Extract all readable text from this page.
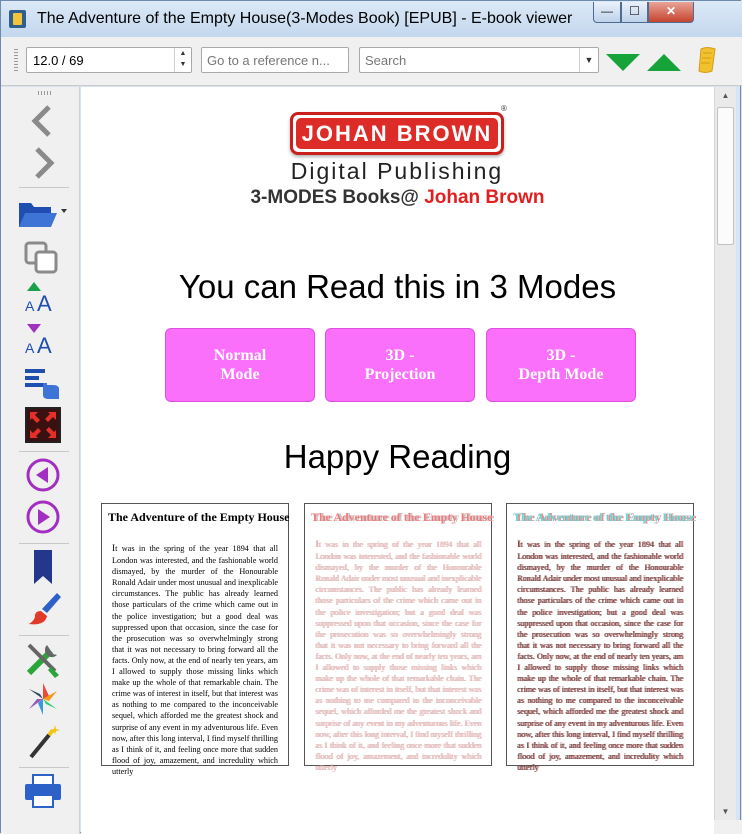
The Adventure of the Empty House(3-Modes Book) [EPUB] - E-book viewer	—	☐	✕
12.0 / 69	▲
▼
Go to a reference n...
Search	▼
A A
A A
JOHAN BROWN
®
Digital Publishing
3-MODES Books@ Johan Brown
You can Read this in 3 Modes
Normal
Mode
3D -
Projection
3D -
Depth Mode
Happy Reading
The Adventure of the Empty House

It was in the spring of the year 1894 that all London was interested, and the fashionable world dismayed, by the murder of the Honourable Ronald Adair under most unusual and inexplicable circumstances. The public has already learned those particulars of the crime which came out in the police investigation; but a good deal was suppressed upon that occasion, since the case for the prosecution was so overwhelmingly strong that it was not necessary to bring forward all the facts. Only now, at the end of nearly ten years, am I allowed to supply those missing links which make up the whole of that remarkable chain. The crime was of interest in itself, but that interest was as nothing to me compared to the inconceivable sequel, which afforded me the greatest shock and surprise of any event in my adventurous life. Even now, after this long interval, I find myself thrilling as I think of it, and feeling once more that sudden flood of joy, amazement, and incredulity which utterly

The Adventure of the Empty House

It was in the spring of the year 1894 that all London was interested, and the fashionable world dismayed, by the murder of the Honourable Ronald Adair under most unusual and inexplicable circumstances. The public has already learned those particulars of the crime which came out in the police investigation; but a good deal was suppressed upon that occasion, since the case for the prosecution was so overwhelmingly strong that it was not necessary to bring forward all the facts. Only now, at the end of nearly ten years, am I allowed to supply those missing links which make up the whole of that remarkable chain. The crime was of interest in itself, but that interest was as nothing to me compared to the inconceivable sequel, which afforded me the greatest shock and surprise of any event in my adventurous life. Even now, after this long interval, I find myself thrilling as I think of it, and feeling once more that sudden flood of joy, amazement, and incredulity which utterly

The Adventure of the Empty House

It was in the spring of the year 1894 that all London was interested, and the fashionable world dismayed, by the murder of the Honourable Ronald Adair under most unusual and inexplicable circumstances. The public has already learned those particulars of the crime which came out in the police investigation; but a good deal was suppressed upon that occasion, since the case for the prosecution was so overwhelmingly strong that it was not necessary to bring forward all the facts. Only now, at the end of nearly ten years, am I allowed to supply those missing links which make up the whole of that remarkable chain. The crime was of interest in itself, but that interest was as nothing to me compared to the inconceivable sequel, which afforded me the greatest shock and surprise of any event in my adventurous life. Even now, after this long interval, I find myself thrilling as I think of it, and feeling once more that sudden flood of joy, amazement, and incredulity which utterly

▲
▼
